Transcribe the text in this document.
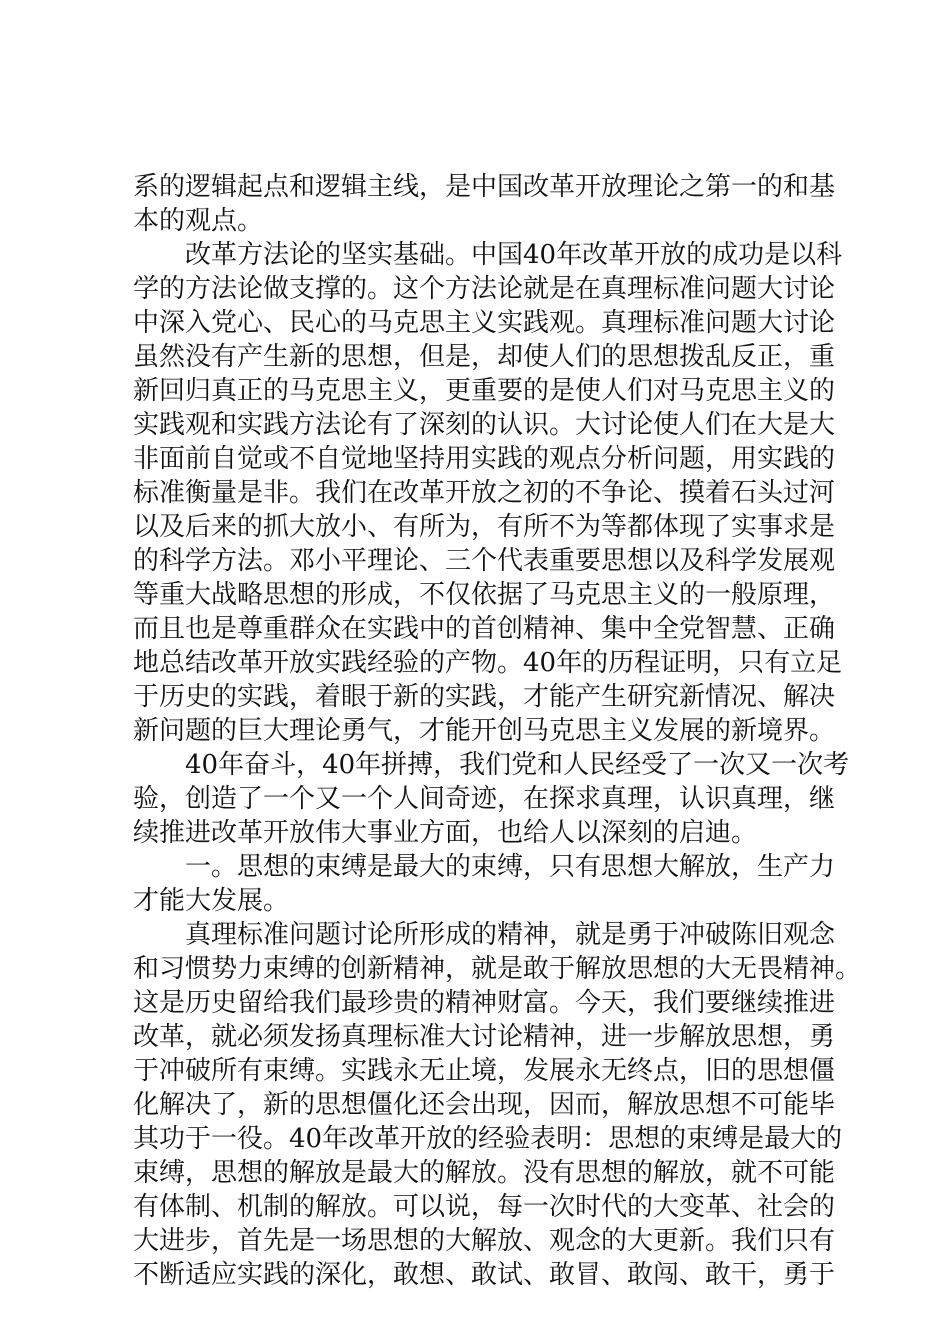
系的逻辑起点和逻辑主线，是中国改革开放理论之第一的和基
本的观点。
　　改革方法论的坚实基础。中国40年改革开放的成功是以科
学的方法论做支撑的。这个方法论就是在真理标准问题大讨论
中深入党心、民心的马克思主义实践观。真理标准问题大讨论
虽然没有产生新的思想，但是，却使人们的思想拨乱反正，重
新回归真正的马克思主义，更重要的是使人们对马克思主义的
实践观和实践方法论有了深刻的认识。大讨论使人们在大是大
非面前自觉或不自觉地坚持用实践的观点分析问题，用实践的
标准衡量是非。我们在改革开放之初的不争论、摸着石头过河
以及后来的抓大放小、有所为，有所不为等都体现了实事求是
的科学方法。邓小平理论、三个代表重要思想以及科学发展观
等重大战略思想的形成，不仅依据了马克思主义的一般原理，
而且也是尊重群众在实践中的首创精神、集中全党智慧、正确
地总结改革开放实践经验的产物。40年的历程证明，只有立足
于历史的实践，着眼于新的实践，才能产生研究新情况、解决
新问题的巨大理论勇气，才能开创马克思主义发展的新境界。
　　40年奋斗，40年拼搏，我们党和人民经受了一次又一次考
验，创造了一个又一个人间奇迹，在探求真理，认识真理，继
续推进改革开放伟大事业方面，也给人以深刻的启迪。
　　一。思想的束缚是最大的束缚，只有思想大解放，生产力
才能大发展。
　　真理标准问题讨论所形成的精神，就是勇于冲破陈旧观念
和习惯势力束缚的创新精神，就是敢于解放思想的大无畏精神。
这是历史留给我们最珍贵的精神财富。今天，我们要继续推进
改革，就必须发扬真理标准大讨论精神，进一步解放思想，勇
于冲破所有束缚。实践永无止境，发展永无终点，旧的思想僵
化解决了，新的思想僵化还会出现，因而，解放思想不可能毕
其功于一役。40年改革开放的经验表明：思想的束缚是最大的
束缚，思想的解放是最大的解放。没有思想的解放，就不可能
有体制、机制的解放。可以说，每一次时代的大变革、社会的
大进步，首先是一场思想的大解放、观念的大更新。我们只有
不断适应实践的深化，敢想、敢试、敢冒、敢闯、敢干，勇于
